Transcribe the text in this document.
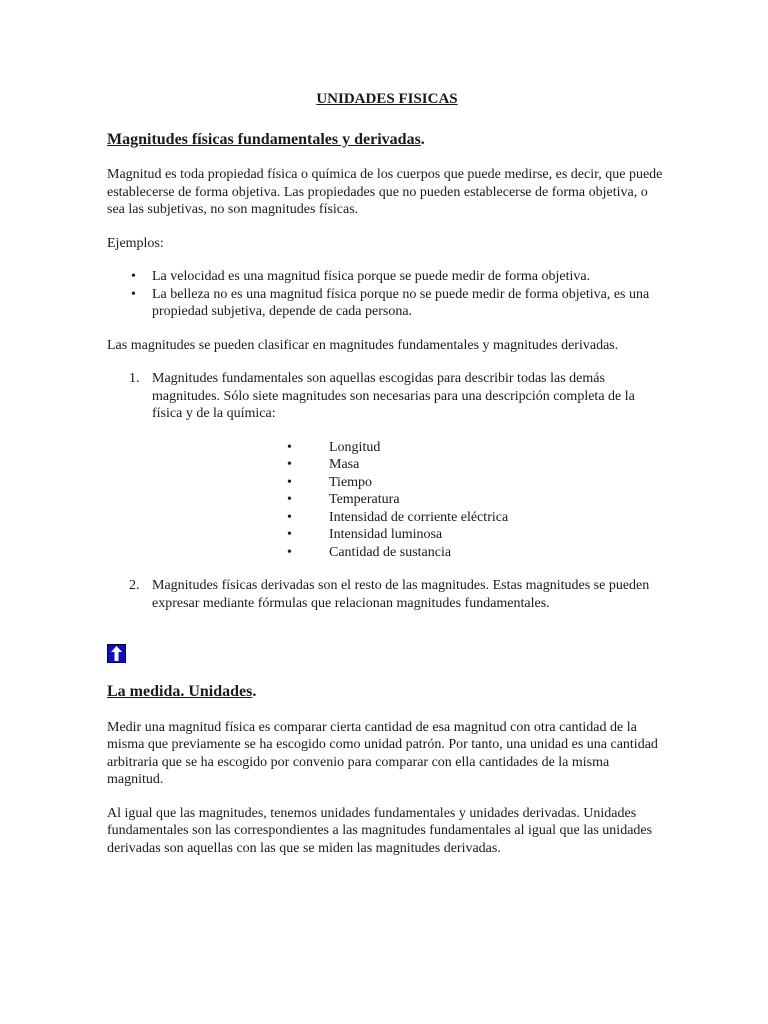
UNIDADES FISICAS
Magnitudes físicas fundamentales y derivadas.

Magnitud es toda propiedad física o química de los cuerpos que puede medirse, es decir, que puede establecerse de forma objetiva. Las propiedades que no pueden establecerse de forma objetiva, o sea las subjetivas, no son magnitudes físicas.

Ejemplos:

• La velocidad es una magnitud física porque se puede medir de forma objetiva.
• La belleza no es una magnitud física porque no se puede medir de forma objetiva, es una propiedad subjetiva, depende de cada persona.

Las magnitudes se pueden clasificar en magnitudes fundamentales y magnitudes derivadas.

1. Magnitudes fundamentales son aquellas escogidas para describir todas las demás magnitudes. Sólo siete magnitudes son necesarias para una descripción completa de la física y de la química:
•	Longitud
•	Masa
•	Tiempo
•	Temperatura
•	Intensidad de corriente eléctrica
•	Intensidad luminosa
•	Cantidad de sustancia
2. Magnitudes físicas derivadas son el resto de las magnitudes. Estas magnitudes se pueden expresar mediante fórmulas que relacionan magnitudes fundamentales.
La medida. Unidades.

Medir una magnitud física es comparar cierta cantidad de esa magnitud con otra cantidad de la misma que previamente se ha escogido como unidad patrón. Por tanto, una unidad es una cantidad arbitraria que se ha escogido por convenio para comparar con ella cantidades de la misma magnitud.

Al igual que las magnitudes, tenemos unidades fundamentales y unidades derivadas. Unidades fundamentales son las correspondientes a las magnitudes fundamentales al igual que las unidades derivadas son aquellas con las que se miden las magnitudes derivadas.
